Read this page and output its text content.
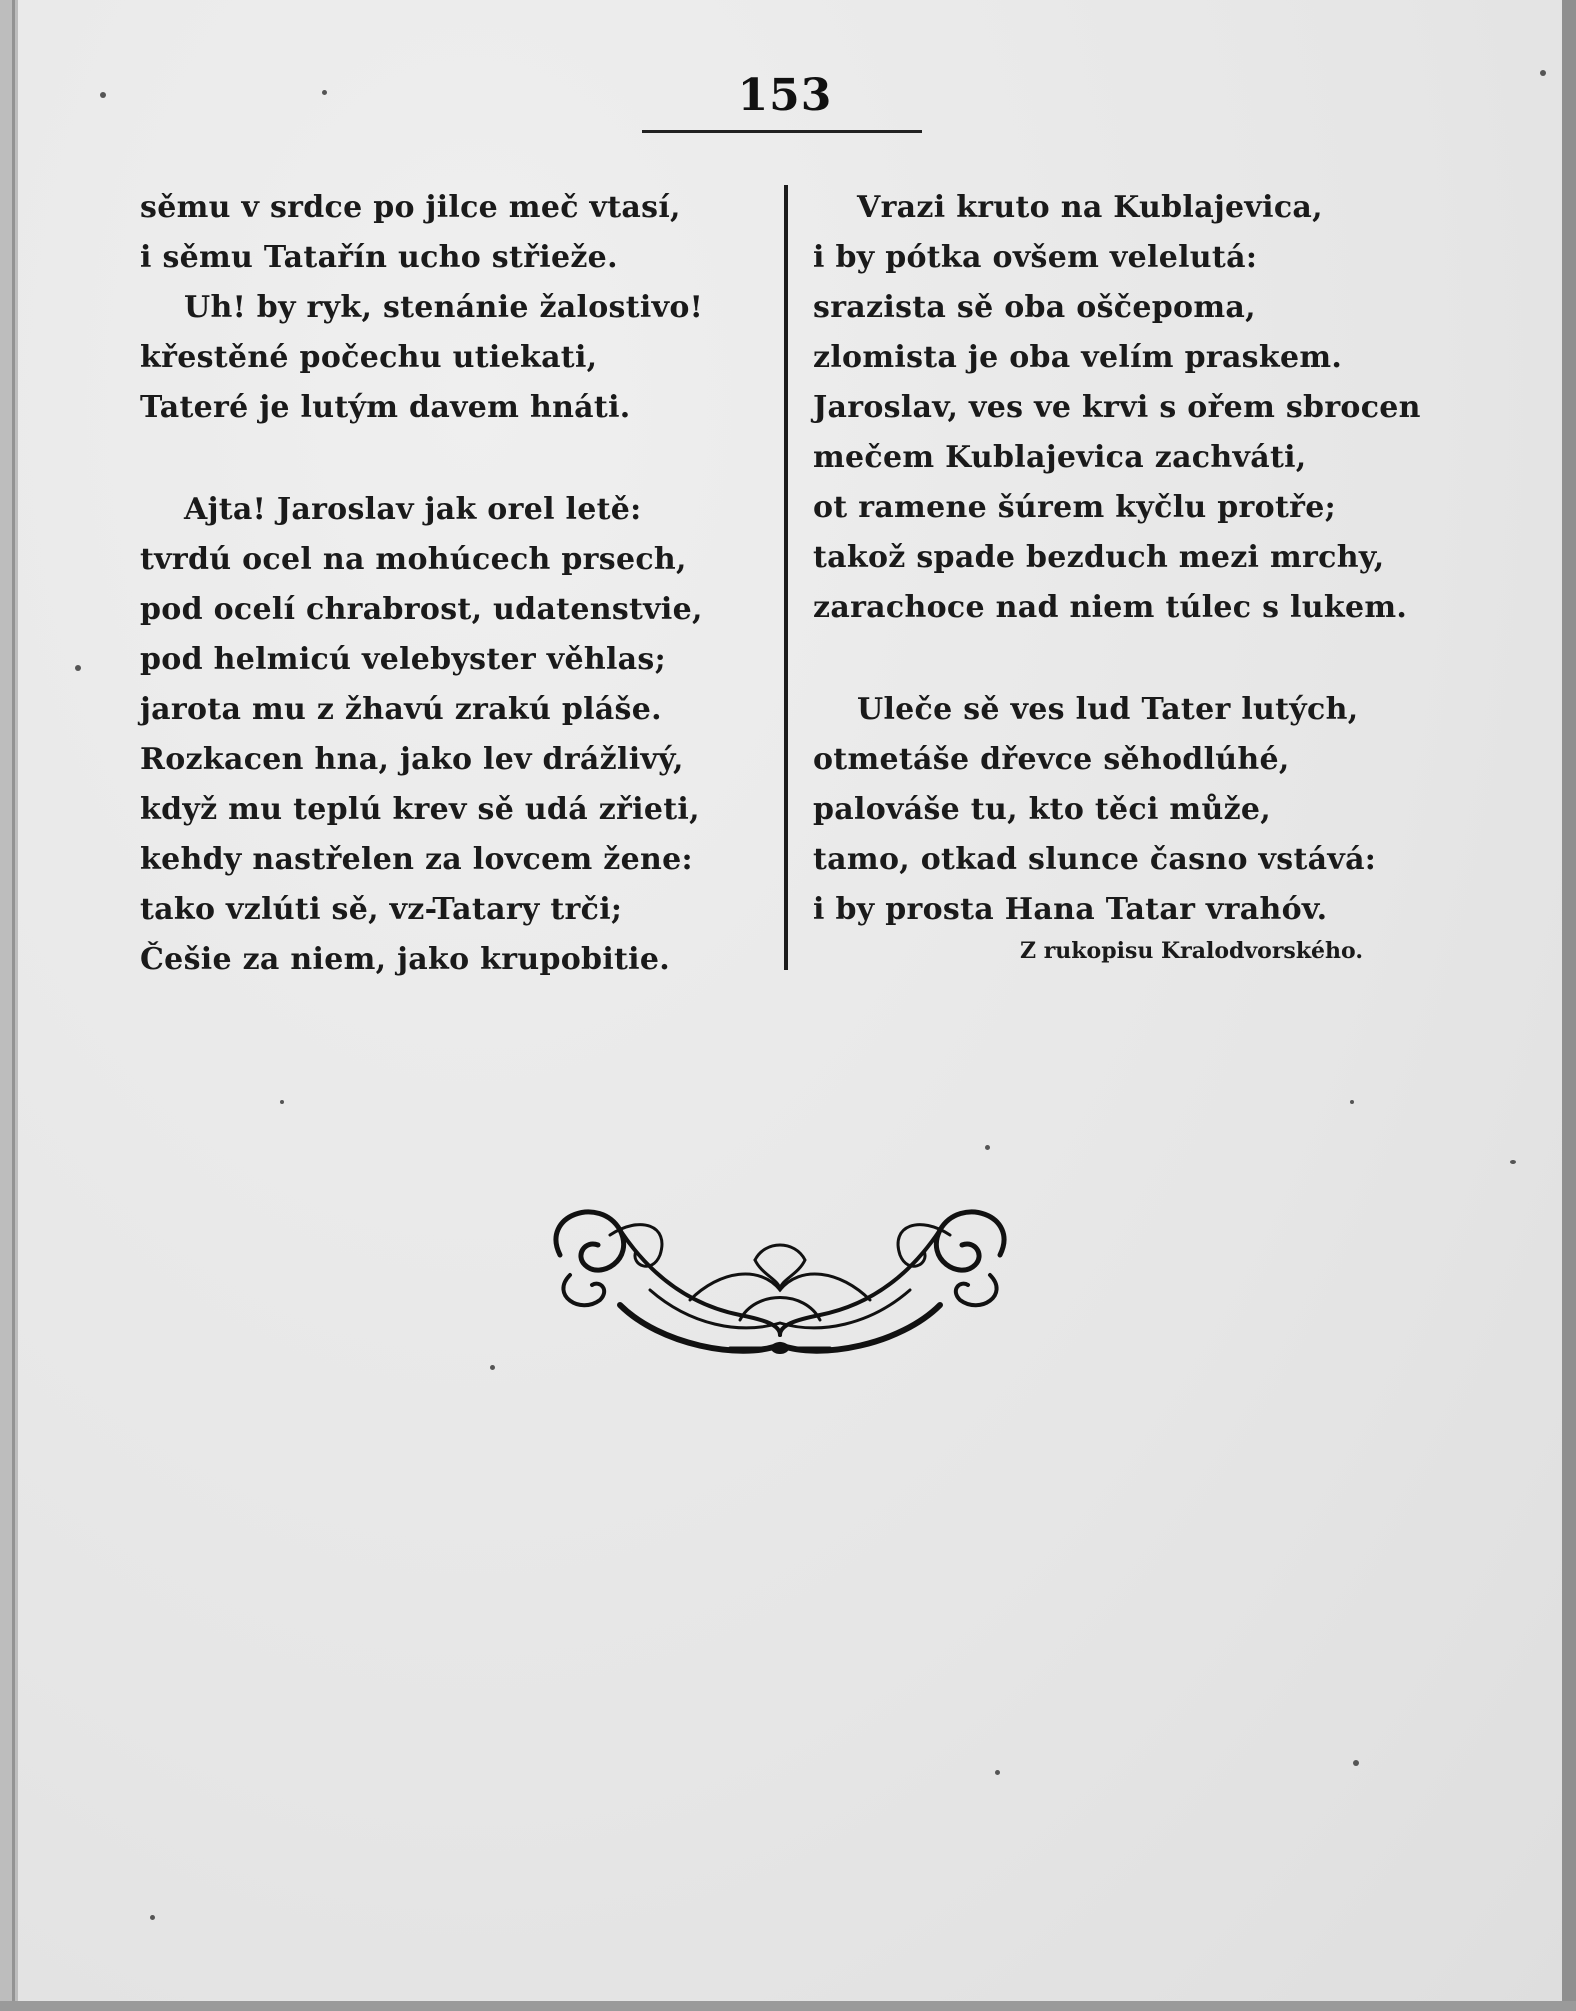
153
sěmu v srdce po jilce meč vtasí,
i sěmu Tatařín ucho střieže.
Uh! by ryk, stenánie žalostivo!
křestěné počechu utiekati,
Tateré je lutým davem hnáti.
Ajta! Jaroslav jak orel letě:
tvrdú ocel na mohúcech prsech,
pod ocelí chrabrost, udatenstvie,
pod helmicú velebyster věhlas;
jarota mu z žhavú zrakú pláše.
Rozkacen hna, jako lev drážlivý,
když mu teplú krev sě udá zřieti,
kehdy nastřelen za lovcem žene:
tako vzlúti sě, vz-Tatary trči;
Češie za niem, jako krupobitie.
Vrazi kruto na Kublajevica,
i by pótka ovšem velelutá:
srazista sě oba oščepoma,
zlomista je oba velím praskem.
Jaroslav, ves ve krvi s ořem sbrocen
mečem Kublajevica zachváti,
ot ramene šúrem kyčlu protře;
takož spade bezduch mezi mrchy,
zarachoce nad niem túlec s lukem.
Uleče sě ves lud Tater lutých,
otmetáše dřevce sěhodlúhé,
palováše tu, kto těci může,
tamo, otkad slunce časno vstává:
i by prosta Hana Tatar vrahóv.
Z rukopisu Kralodvorského.
